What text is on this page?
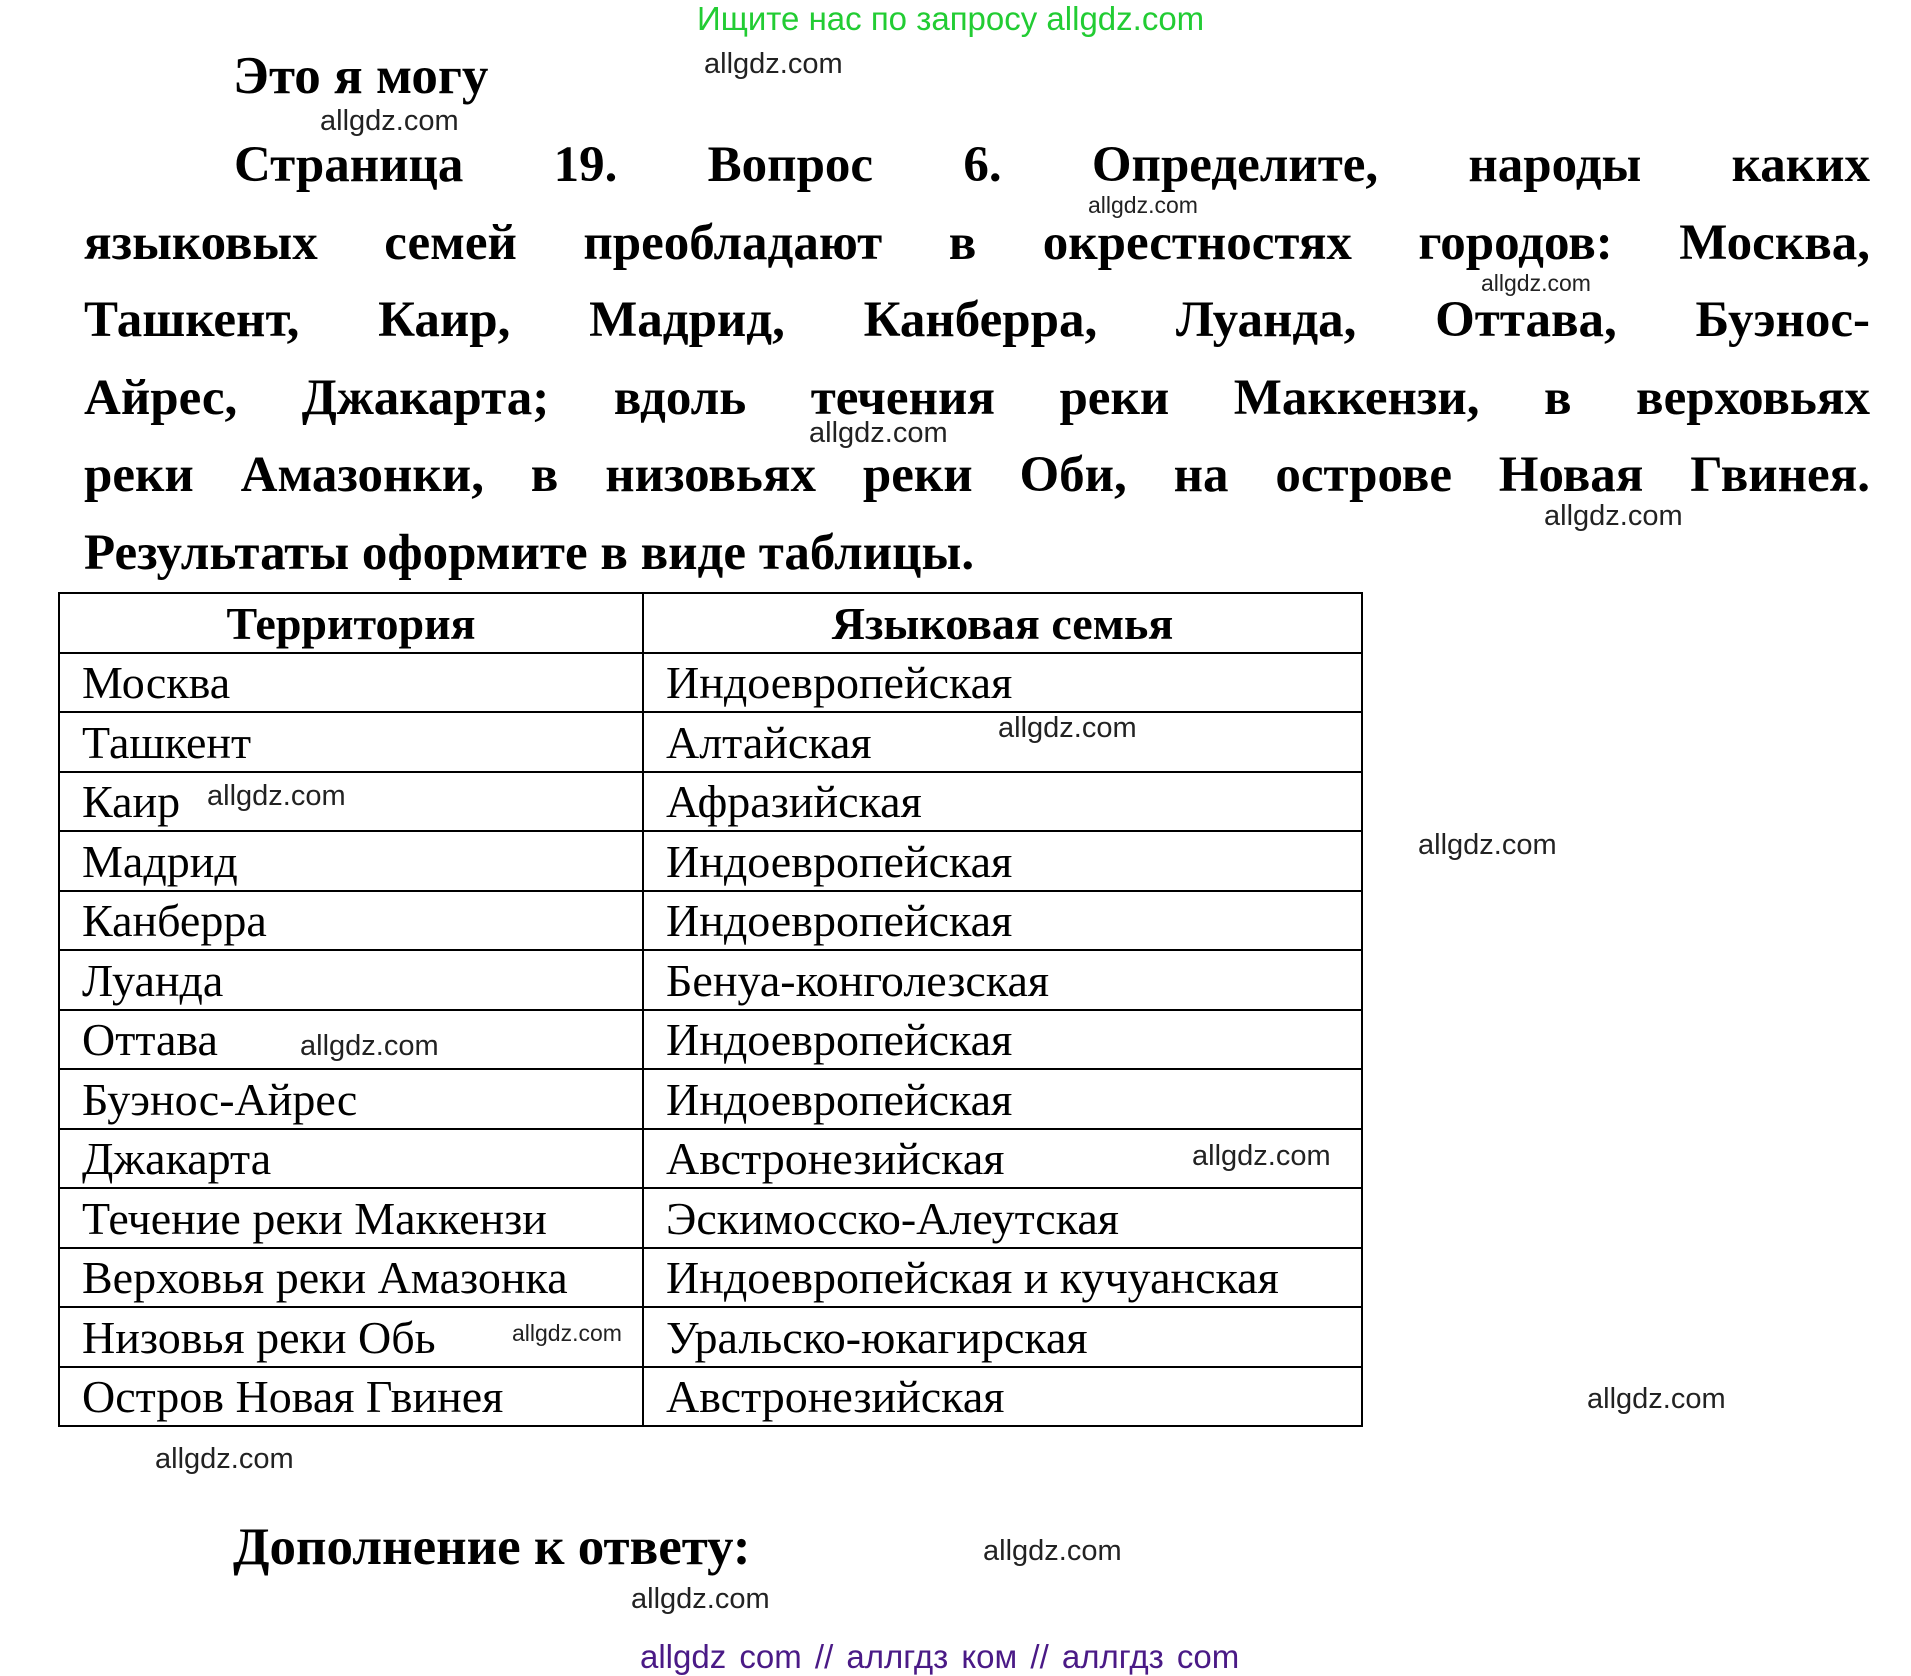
Ищите нас по запросу allgdz.com
Это я могу
Страница 19. Вопрос 6. Определите, народы каких
языковых семей преобладают в окрестностях городов: Москва,
Ташкент, Каир, Мадрид, Канберра, Луанда, Оттава, Буэнос-
Айрес, Джакарта; вдоль течения реки Маккензи, в верховьях
реки Амазонки, в низовьях реки Оби, на острове Новая Гвинея.
Результаты оформите в виде таблицы.
Территория	Языковая семья
Москва	Индоевропейская
Ташкент	Алтайская
Каир	Афразийская
Мадрид	Индоевропейская
Канберра	Индоевропейская
Луанда	Бенуа-конголезская
Оттава	Индоевропейская
Буэнос-Айрес	Индоевропейская
Джакарта	Австронезийская
Течение реки Маккензи	Эскимосско-Алеутская
Верховья реки Амазонка	Индоевропейская и кучуанская
Низовья реки Обь	Уральско-юкагирская
Остров Новая Гвинея	Австронезийская
Дополнение к ответу:
allgdz.com
allgdz.com
allgdz.com
allgdz.com
allgdz.com
allgdz.com
allgdz.com
allgdz.com
allgdz.com
allgdz.com
allgdz.com
allgdz.com
allgdz.com
allgdz.com
allgdz.com
allgdz.com
allgdz com // аллгдз ком // аллгдз com
